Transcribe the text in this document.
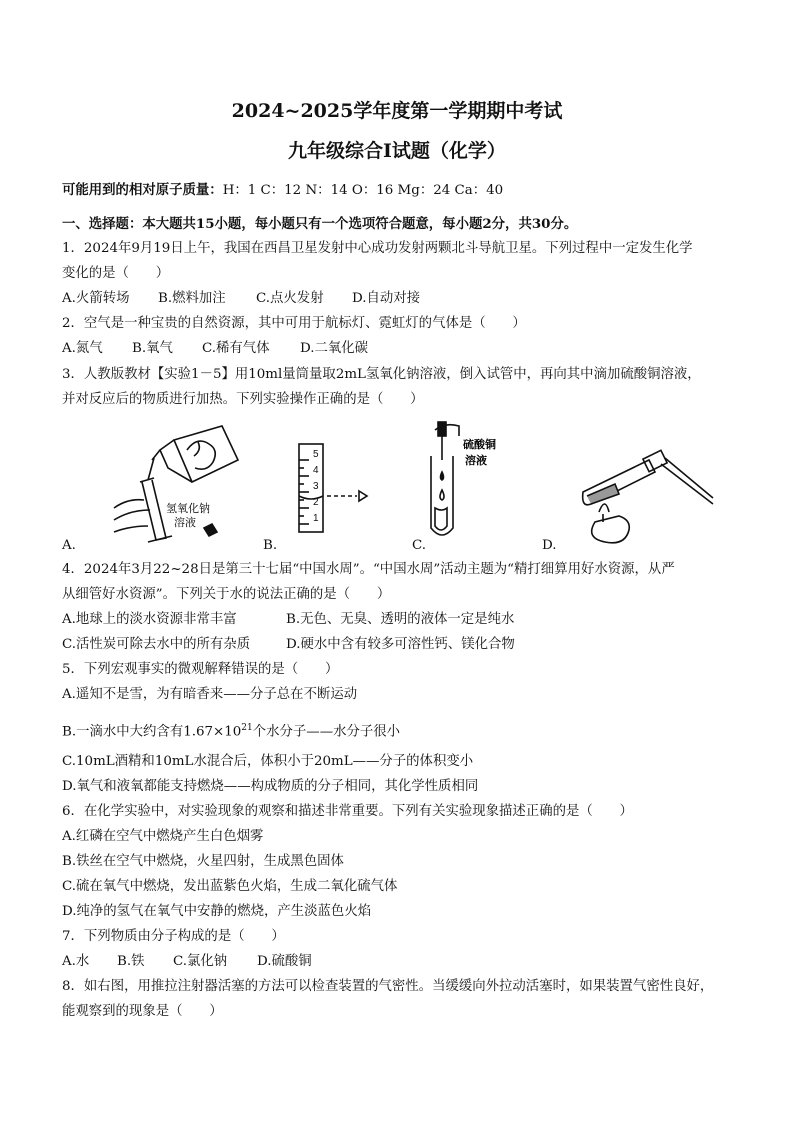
2024~2025学年度第一学期期中考试
九年级综合Ⅰ试题（化学）
可能用到的相对原子质量：H：1 C：12 N：14 O：16 Mg：24 Ca：40
一、选择题：本大题共15小题，每小题只有一个选项符合题意，每小题2分，共30分。
1．2024年9月19日上午，我国在西昌卫星发射中心成功发射两颗北斗导航卫星。下列过程中一定发生化学
变化的是（　　）
A.火箭转场 B.燃料加注 C.点火发射 D.自动对接
2．空气是一种宝贵的自然资源，其中可用于航标灯、霓虹灯的气体是（　　）
A.氮气 B.氧气 C.稀有气体 D.二氧化碳
3．人教版教材【实验1－5】用10ml量筒量取2mL氢氧化钠溶液，倒入试管中，再向其中滴加硫酸铜溶液，
并对反应后的物质进行加热。下列实验操作正确的是（　　）
氢氧化钠
溶液
5
4
3
2
1
硫酸铜
溶液
A.	B.	C.	D.
4．2024年3月22~28日是第三十七届“中国水周”。“中国水周”活动主题为“精打细算用好水资源，从严
从细管好水资源”。下列关于水的说法正确的是（　　）
A.地球上的淡水资源非常丰富	B.无色、无臭、透明的液体一定是纯水
C.活性炭可除去水中的所有杂质	D.硬水中含有较多可溶性钙、镁化合物
5．下列宏观事实的微观解释错误的是（　　）
A.遥知不是雪，为有暗香来——分子总在不断运动
B.一滴水中大约含有$1.67\times 10^{21}$个水分子——水分子很小
C.10mL酒精和10mL水混合后，体积小于20mL——分子的体积变小
D.氧气和液氧都能支持燃烧——构成物质的分子相同，其化学性质相同
6．在化学实验中，对实验现象的观察和描述非常重要。下列有关实验现象描述正确的是（　　）
A.红磷在空气中燃烧产生白色烟雾
B.铁丝在空气中燃烧，火星四射，生成黑色固体
C.硫在氧气中燃烧，发出蓝紫色火焰，生成二氧化硫气体
D.纯净的氢气在氧气中安静的燃烧，产生淡蓝色火焰
7．下列物质由分子构成的是（　　）
A.水 B.铁 C.氯化钠 D.硫酸铜
8．如右图，用推拉注射器活塞的方法可以检查装置的气密性。当缓缓向外拉动活塞时，如果装置气密性良好，
能观察到的现象是（　　）
